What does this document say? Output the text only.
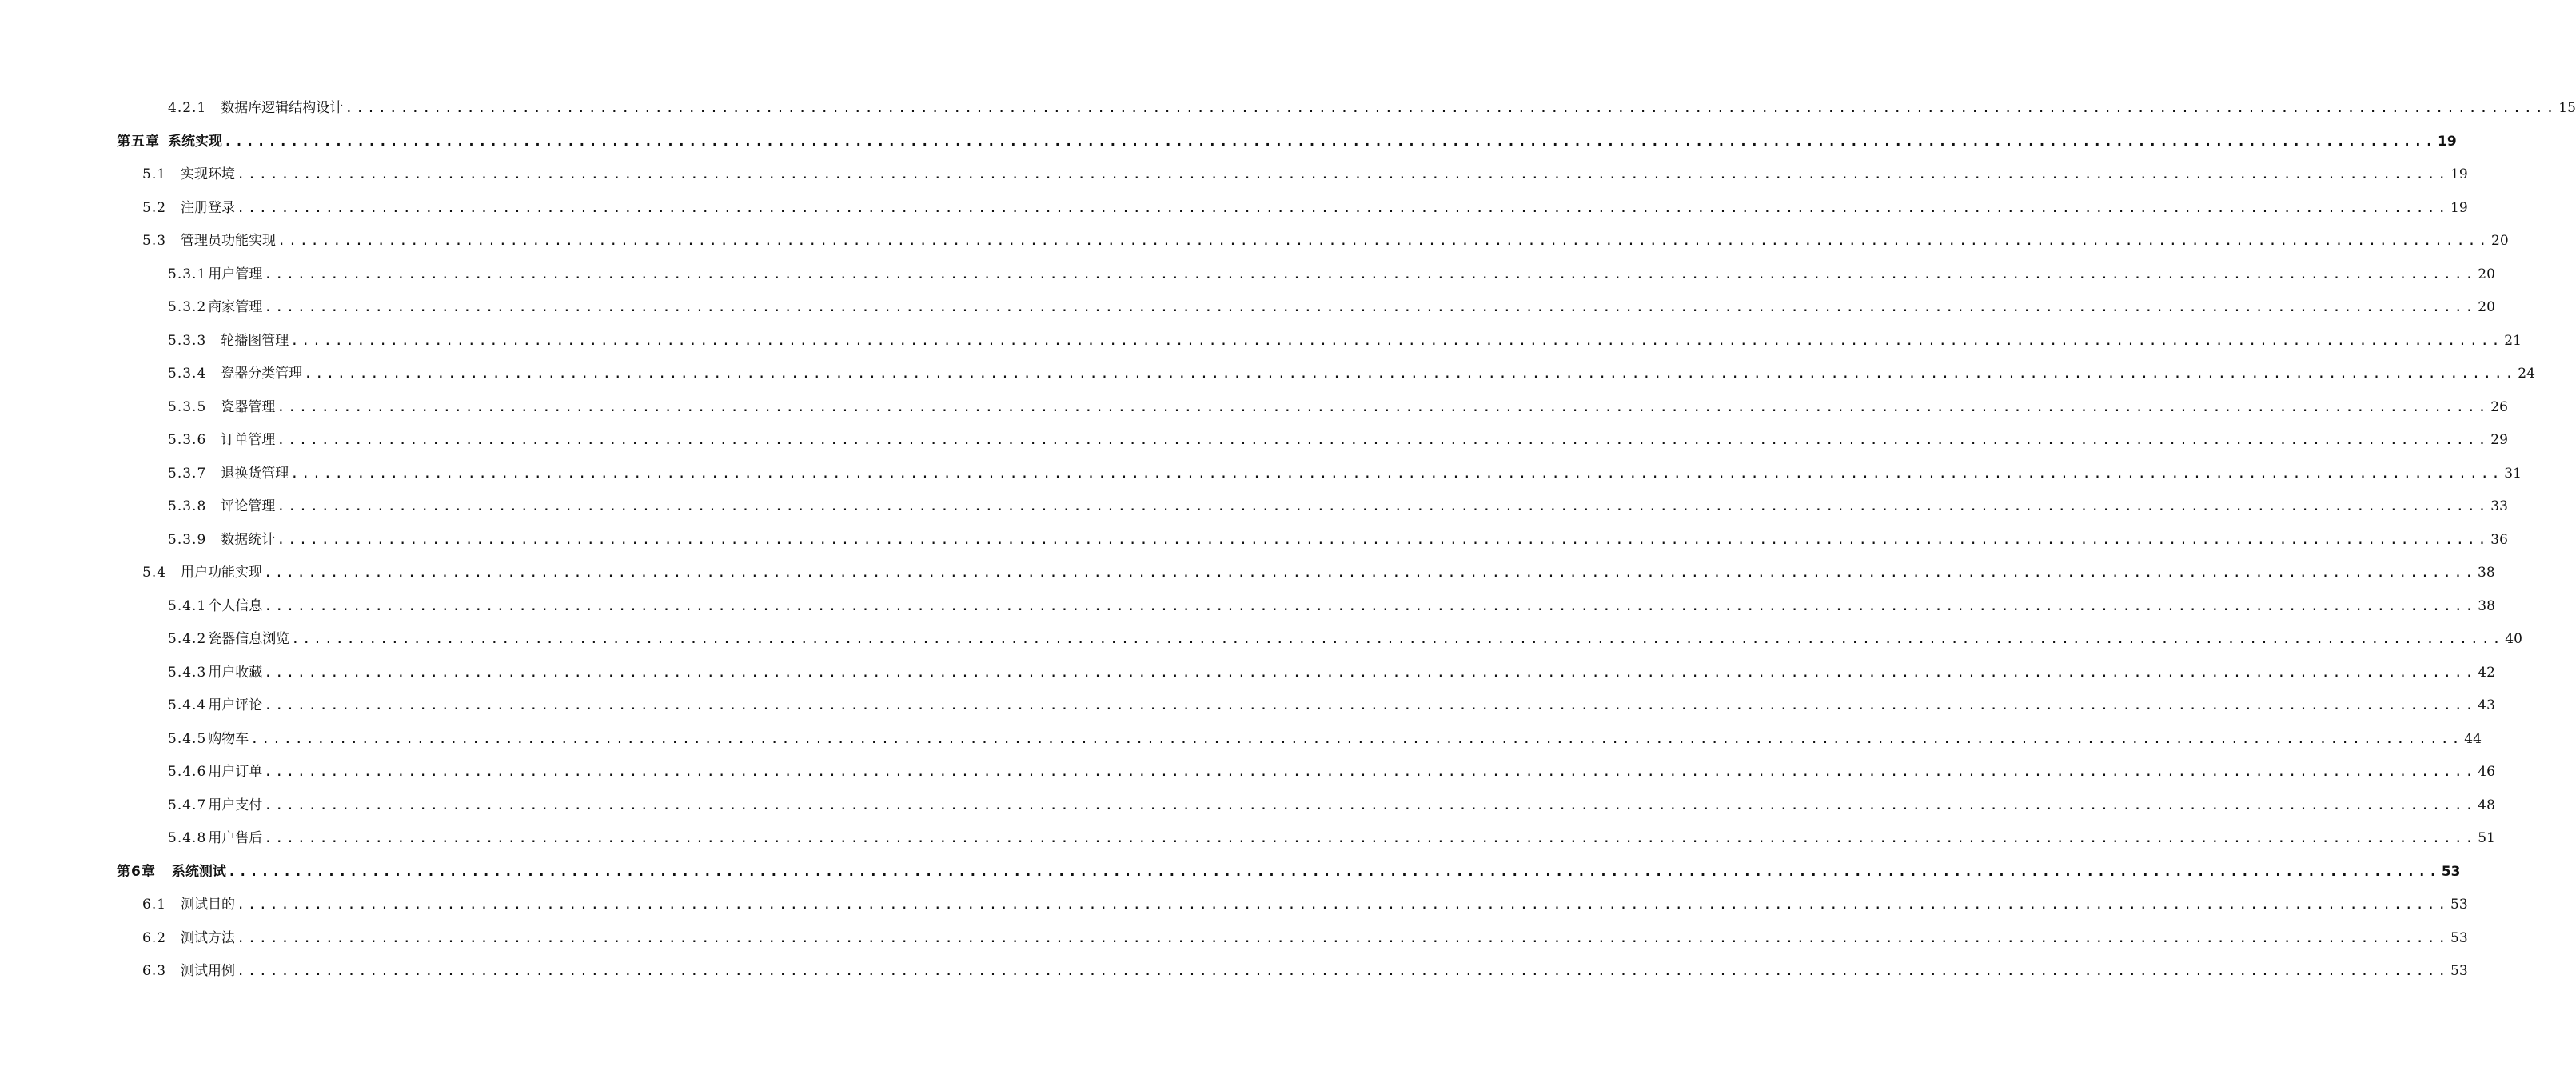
4.2.1 数据库逻辑结构设计 ........................................................................................................................................................................................................ 15
第五章 系统实现 ........................................................................................................................................................................................................ 19
5.1 实现环境 ........................................................................................................................................................................................................ 19
5.2 注册登录 ........................................................................................................................................................................................................ 19
5.3 管理员功能实现 ........................................................................................................................................................................................................ 20
5.3.1 用户管理 ........................................................................................................................................................................................................ 20
5.3.2 商家管理 ........................................................................................................................................................................................................ 20
5.3.3 轮播图管理 ........................................................................................................................................................................................................ 21
5.3.4 瓷器分类管理 ........................................................................................................................................................................................................ 24
5.3.5 瓷器管理 ........................................................................................................................................................................................................ 26
5.3.6 订单管理 ........................................................................................................................................................................................................ 29
5.3.7 退换货管理 ........................................................................................................................................................................................................ 31
5.3.8 评论管理 ........................................................................................................................................................................................................ 33
5.3.9 数据统计 ........................................................................................................................................................................................................ 36
5.4 用户功能实现 ........................................................................................................................................................................................................ 38
5.4.1 个人信息 ........................................................................................................................................................................................................ 38
5.4.2 瓷器信息浏览 ........................................................................................................................................................................................................ 40
5.4.3 用户收藏 ........................................................................................................................................................................................................ 42
5.4.4 用户评论 ........................................................................................................................................................................................................ 43
5.4.5 购物车 ........................................................................................................................................................................................................ 44
5.4.6 用户订单 ........................................................................................................................................................................................................ 46
5.4.7 用户支付 ........................................................................................................................................................................................................ 48
5.4.8 用户售后 ........................................................................................................................................................................................................ 51
第6章 系统测试 ........................................................................................................................................................................................................ 53
6.1 测试目的 ........................................................................................................................................................................................................ 53
6.2 测试方法 ........................................................................................................................................................................................................ 53
6.3 测试用例 ........................................................................................................................................................................................................ 53
